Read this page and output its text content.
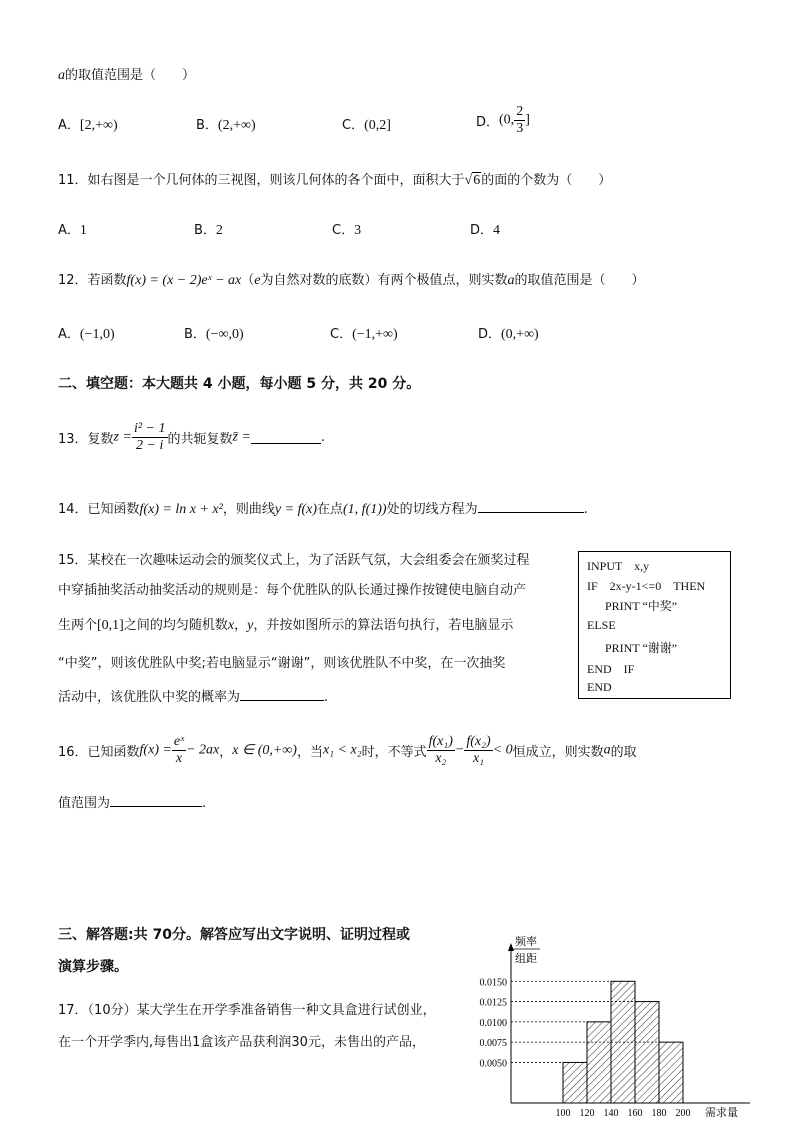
a的取值范围是（　　）
A．[2,+∞)	B．(2,+∞)	C．(0,2]	D．(0, $\frac{2}{3}$ ]
11．如右图是一个几何体的三视图，则该几何体的各个面中，面积大于√6的面的个数为（　　）
A．1	B．2	C．3	D．4
12．若函数f(x) = (x − 2)eˣ − ax（e为自然对数的底数）有两个极值点，则实数a的取值范围是（　　）
A．(−1,0)	B．(−∞,0)	C．(−1,+∞)	D．(0,+∞)
二、填空题：本大题共 4 小题，每小题 5 分，共 20 分。
13．复数$z = \frac{\text{i² − 1}}{2 - i}$ 的共轭复数z̄ =	.
14．已知函数f(x) = ln x + x²，则曲线y = f(x)在点(1, f(1))处的切线方程为	.
15．某校在一次趣味运动会的颁奖仪式上，为了活跃气氛，大会组委会在颁奖过程
中穿插抽奖活动抽奖活动的规则是：每个优胜队的队长通过操作按键使电脑自动产
生两个[0,1]之间的均匀随机数x，y，并按如图所示的算法语句执行，若电脑显示
“中奖”，则该优胜队中奖;若电脑显示“谢谢”，则该优胜队不中奖，在一次抽奖
活动中，该优胜队中奖的概率为	.
INPUT　x,y
IF　2x-y-1<=0　THEN
PRINT “中奖”
ELSE
PRINT “谢谢”
END　IF
END
16．已知函数$f(x) = \frac{\text{eˣ}}{x} - 2ax$，x ∈ (0,+∞)，当x₁ < x₂时，不等式 $\frac{\text{f(x₁)}}{\text{x₂}} - \frac{\text{f(x₂)}}{\text{x₁}} < 0$恒成立，则实数a的取
值范围为	.
三、解答题:共 70分。解答应写出文字说明、证明过程或
演算步骤。
17．（10分）某大学生在开学季准备销售一种文具盒进行试创业，
在一个开学季内,每售出1盒该产品获利润30元，未售出的产品，
频率
组距
0.0150
0.0125
0.0100
0.0075
0.0050
100 120 140 160 180 200 需求量
